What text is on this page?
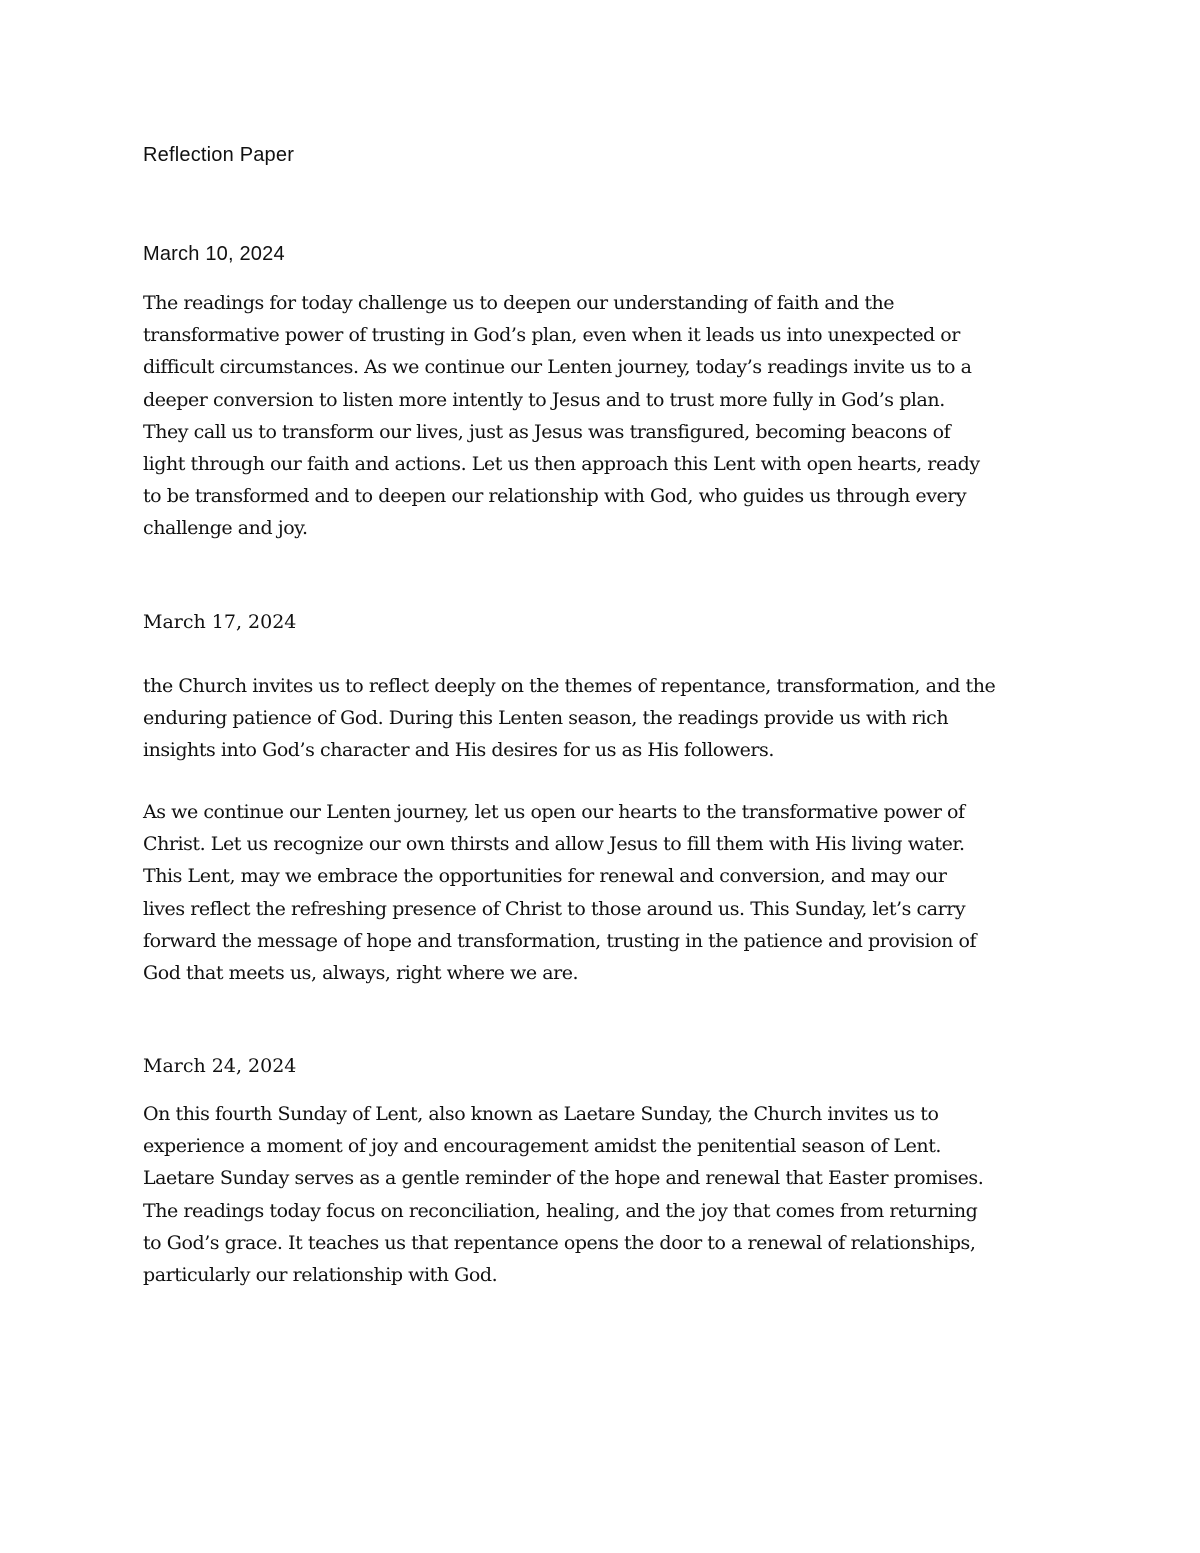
Reflection Paper
March 10, 2024
The readings for today challenge us to deepen our understanding of faith and the
transformative power of trusting in God’s plan, even when it leads us into unexpected or
difficult circumstances. As we continue our Lenten journey, today’s readings invite us to a
deeper conversion to listen more intently to Jesus and to trust more fully in God’s plan.
They call us to transform our lives, just as Jesus was transfigured, becoming beacons of
light through our faith and actions. Let us then approach this Lent with open hearts, ready
to be transformed and to deepen our relationship with God, who guides us through every
challenge and joy.
March 17, 2024
the Church invites us to reflect deeply on the themes of repentance, transformation, and the
enduring patience of God. During this Lenten season, the readings provide us with rich
insights into God’s character and His desires for us as His followers.
As we continue our Lenten journey, let us open our hearts to the transformative power of
Christ. Let us recognize our own thirsts and allow Jesus to fill them with His living water.
This Lent, may we embrace the opportunities for renewal and conversion, and may our
lives reflect the refreshing presence of Christ to those around us. This Sunday, let’s carry
forward the message of hope and transformation, trusting in the patience and provision of
God that meets us, always, right where we are.
March 24, 2024
On this fourth Sunday of Lent, also known as Laetare Sunday, the Church invites us to
experience a moment of joy and encouragement amidst the penitential season of Lent.
Laetare Sunday serves as a gentle reminder of the hope and renewal that Easter promises.
The readings today focus on reconciliation, healing, and the joy that comes from returning
to God’s grace. It teaches us that repentance opens the door to a renewal of relationships,
particularly our relationship with God.
